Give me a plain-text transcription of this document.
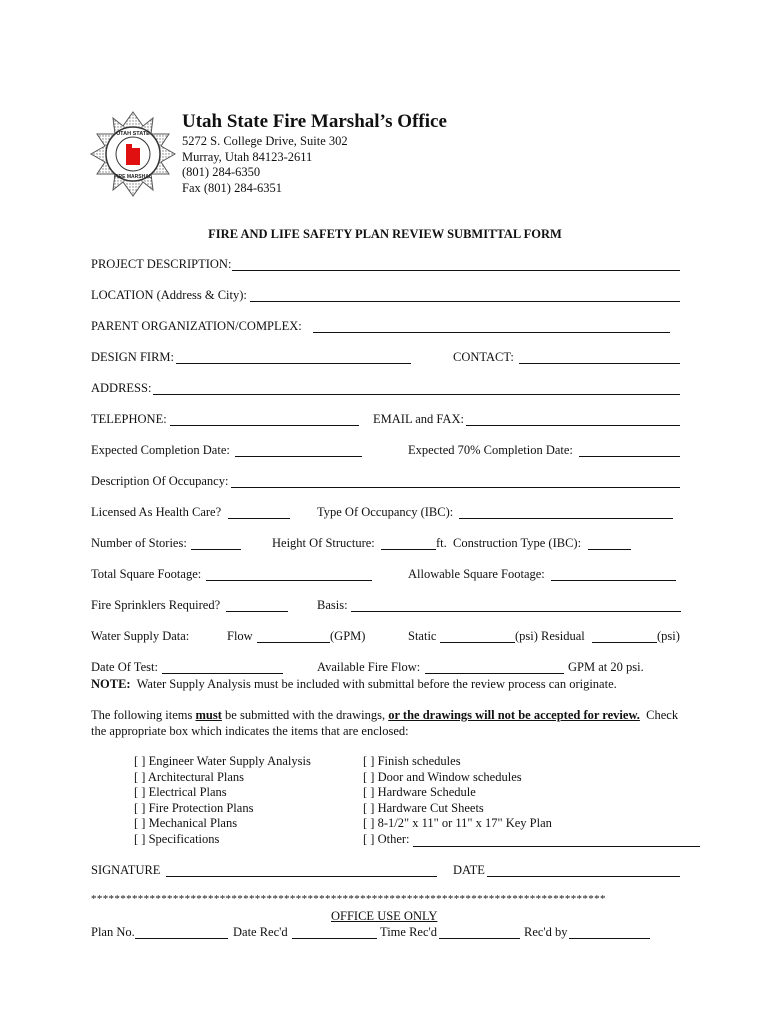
UTAH STATE
FIRE MARSHAL
Utah State Fire Marshal’s Office
5272 S. College Drive, Suite 302
Murray, Utah 84123-2611
(801) 284-6350
Fax (801) 284-6351
FIRE AND LIFE SAFETY PLAN REVIEW SUBMITTAL FORM
PROJECT DESCRIPTION:
LOCATION (Address & City):
PARENT ORGANIZATION/COMPLEX:
DESIGN FIRM:	CONTACT:
ADDRESS:
TELEPHONE:	EMAIL and FAX:
Expected Completion Date:	Expected 70% Completion Date:
Description Of Occupancy:
Licensed As Health Care?	Type Of Occupancy (IBC):
Number of Stories:	Height Of Structure:	ft. Construction Type (IBC):
Total Square Footage:	Allowable Square Footage:
Fire Sprinklers Required?	Basis:
Water Supply Data:	Flow	(GPM)	Static	(psi) Residual	(psi)
Date Of Test:	Available Fire Flow:	GPM at 20 psi.
NOTE: Water Supply Analysis must be included with submittal before the review process can originate.
The following items must be submitted with the drawings, or the drawings will not be accepted for review. Check the appropriate box which indicates the items that are enclosed:
[ ] Engineer Water Supply Analysis
[ ] Architectural Plans
[ ] Electrical Plans
[ ] Fire Protection Plans
[ ] Mechanical Plans
[ ] Specifications
[ ] Finish schedules
[ ] Door and Window schedules
[ ] Hardware Schedule
[ ] Hardware Cut Sheets
[ ] 8-1/2" x 11" or 11" x 17" Key Plan
[ ] Other:
SIGNATURE	DATE
****************************************************************************************
OFFICE USE ONLY
Plan No.	Date Rec'd	Time Rec'd	Rec'd by
